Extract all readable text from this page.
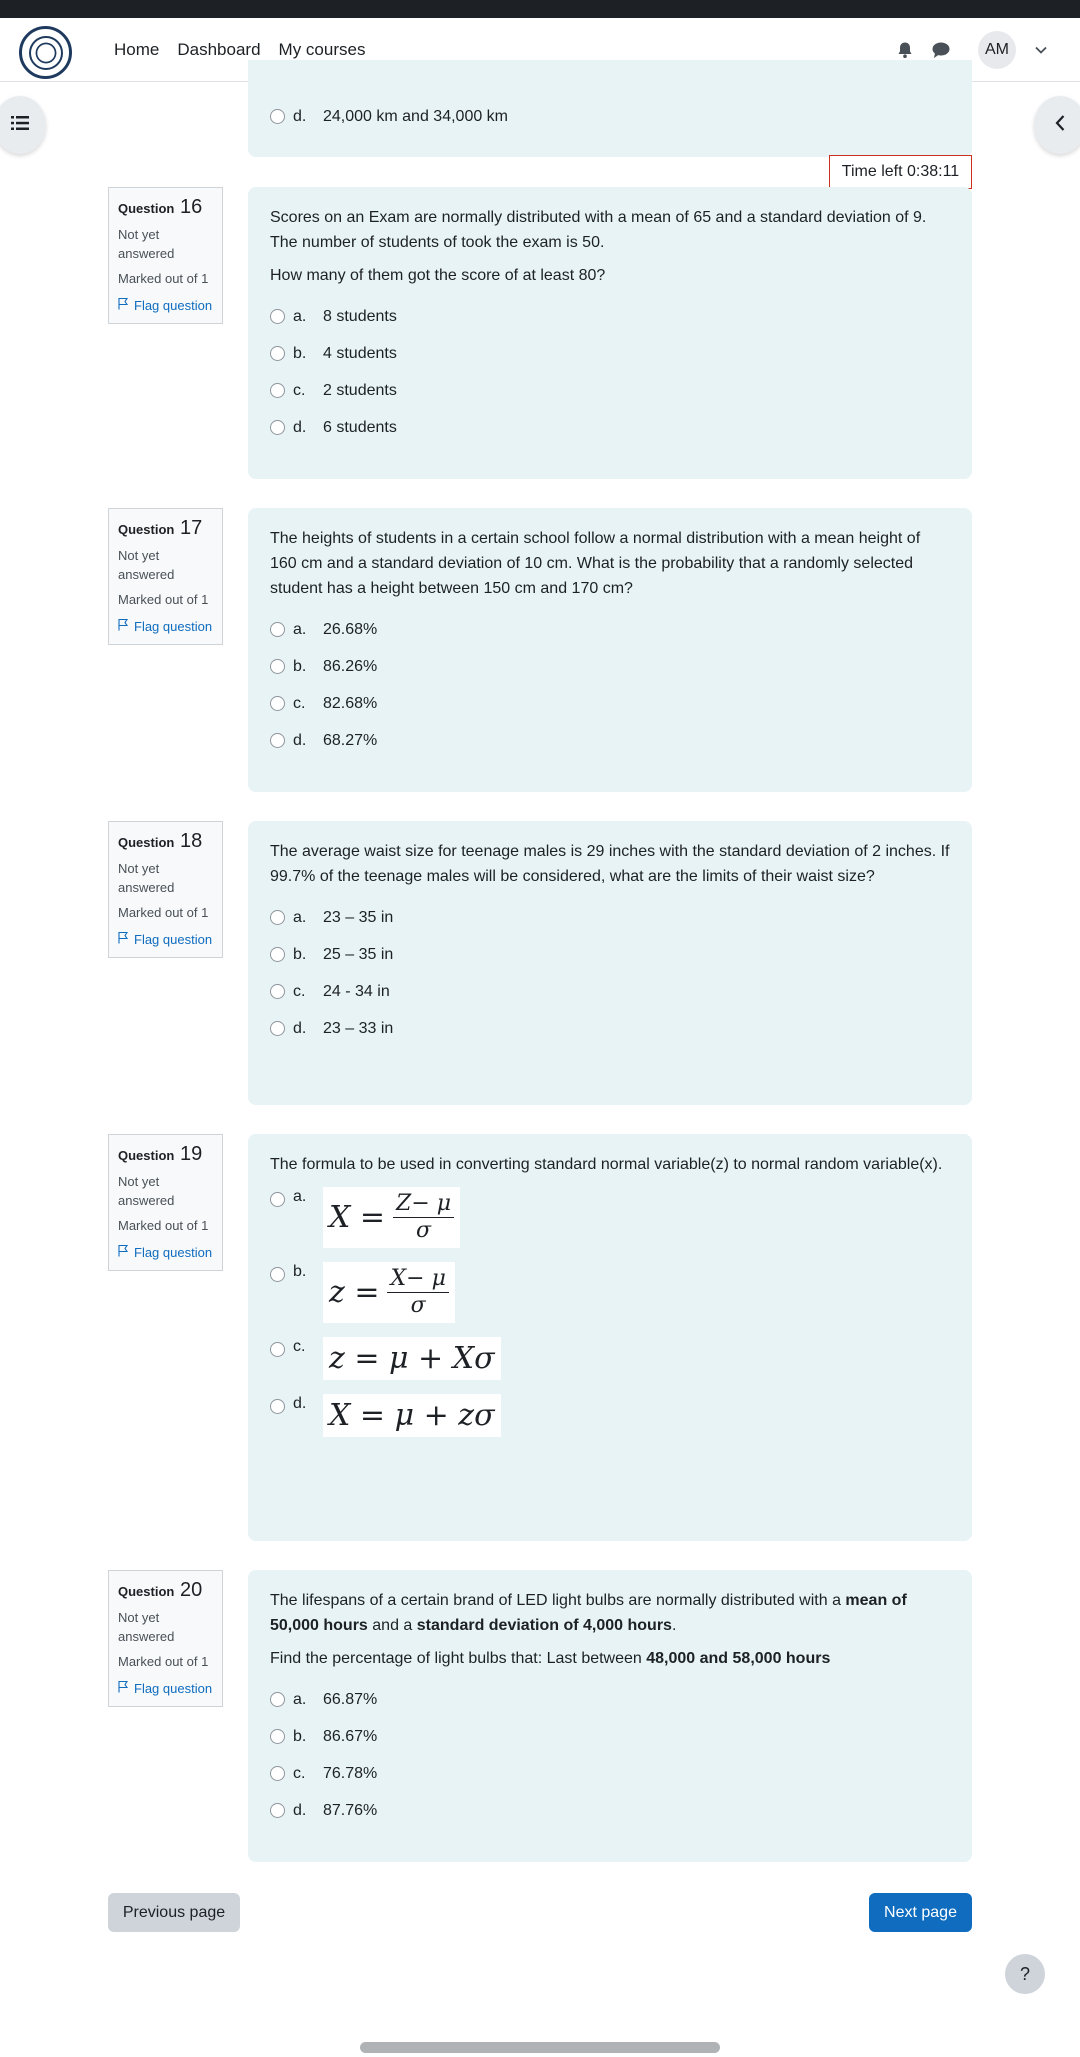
Home Dashboard My courses	AM
d.	24,000 km and 34,000 km
Time left 0:38:11
Question 16
Not yet answered
Marked out of 1
Flag question

Scores on an Exam are normally distributed with a mean of 65 and a standard deviation of 9. The number of students of took the exam is 50.

How many of them got the score of at least 80?

a.	8 students
b.	4 students
c.	2 students
d.	6 students
Question 17
Not yet answered
Marked out of 1
Flag question

The heights of students in a certain school follow a normal distribution with a mean height of 160 cm and a standard deviation of 10 cm. What is the probability that a randomly selected student has a height between 150 cm and 170 cm?

a.	26.68%
b.	86.26%
c.	82.68%
d.	68.27%
Question 18
Not yet answered
Marked out of 1
Flag question

The average waist size for teenage males is 29 inches with the standard deviation of 2 inches. If 99.7% of the teenage males will be considered, what are the limits of their waist size?

a.	23 – 35 in
b.	25 – 35 in
c.	24 - 34 in
d.	23 – 33 in
Question 19
Not yet answered
Marked out of 1
Flag question

The formula to be used in converting standard normal variable(z) to normal random variable(x).

a.
$X = \frac{Z- \mu}{\sigma}$
b.
$z = \frac{X- \mu}{\sigma}$
c. z = μ + Xσ
d. X = μ + zσ
Question 20
Not yet answered
Marked out of 1
Flag question

The lifespans of a certain brand of LED light bulbs are normally distributed with a mean of 50,000 hours and a standard deviation of 4,000 hours.

Find the percentage of light bulbs that: Last between 48,000 and 58,000 hours

a.	66.87%
b.	86.67%
c.	76.78%
d.	87.76%
Previous page	Next page
?
